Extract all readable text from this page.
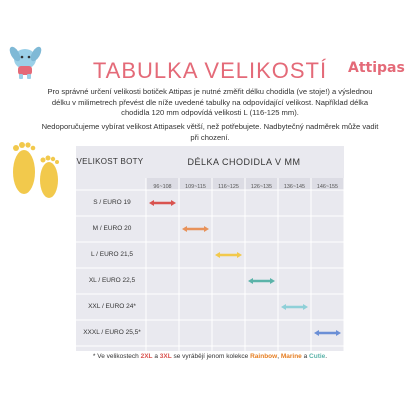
Attipas
TABULKA VELIKOSTÍ
Pro správné určení velikosti botiček Attipas je nutné změřit délku chodidla (ve stoje!) a výslednou délku v milimetrech převést dle níže uvedené tabulky na odpovídající velikost. Například délka chodidla 120 mm odpovídá velikosti L (116-125 mm).
Nedoporučujeme vybírat velikost Attipasek větší, než potřebujete. Nadbytečný nadměrek může vadit při chození.
VELIKOST BOTY	DÉLKA CHODIDLA V MM
96~108	109~115	116~125	126~135	136~145	146~155
S / EURO 19
M / EURO 20
L / EURO 21,5
XL / EURO 22,5
XXL / EURO 24*
XXXL / EURO 25,5*
* Ve velikostech 2XL a 3XL se vyrábějí jenom kolekce Rainbow, Marine a Cutie.
